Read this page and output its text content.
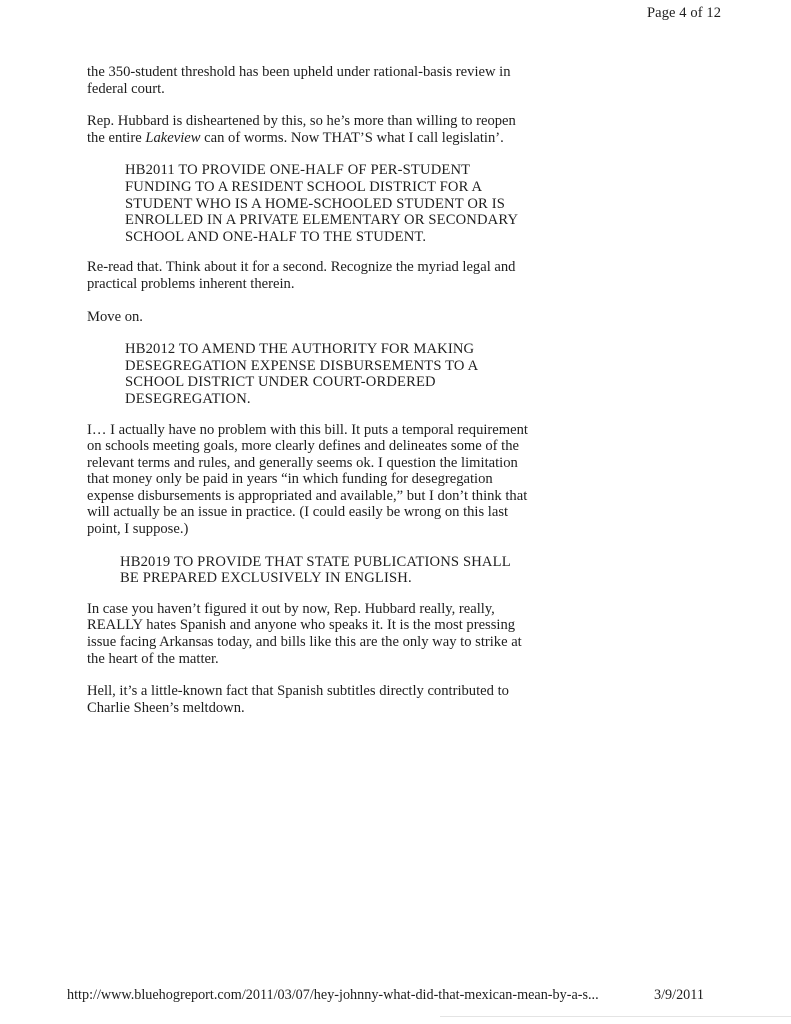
Page 4 of 12

the 350-student threshold has been upheld under rational-basis review in federal court.

Rep. Hubbard is disheartened by this, so he’s more than willing to reopen the entire Lakeview can of worms. Now THAT’S what I call legislatin’.

HB2011 TO PROVIDE ONE-HALF OF PER-STUDENT FUNDING TO A RESIDENT SCHOOL DISTRICT FOR A STUDENT WHO IS A HOME-SCHOOLED STUDENT OR IS ENROLLED IN A PRIVATE ELEMENTARY OR SECONDARY SCHOOL AND ONE-HALF TO THE STUDENT.

Re-read that. Think about it for a second. Recognize the myriad legal and practical problems inherent therein.

Move on.

HB2012 TO AMEND THE AUTHORITY FOR MAKING DESEGREGATION EXPENSE DISBURSEMENTS TO A SCHOOL DISTRICT UNDER COURT-ORDERED DESEGREGATION.

I… I actually have no problem with this bill. It puts a temporal requirement on schools meeting goals, more clearly defines and delineates some of the relevant terms and rules, and generally seems ok. I question the limitation that money only be paid in years “in which funding for desegregation expense disbursements is appropriated and available,” but I don’t think that will actually be an issue in practice. (I could easily be wrong on this last point, I suppose.)

HB2019 TO PROVIDE THAT STATE PUBLICATIONS SHALL BE PREPARED EXCLUSIVELY IN ENGLISH.

In case you haven’t figured it out by now, Rep. Hubbard really, really, REALLY hates Spanish and anyone who speaks it. It is the most pressing issue facing Arkansas today, and bills like this are the only way to strike at the heart of the matter.

Hell, it’s a little-known fact that Spanish subtitles directly contributed to Charlie Sheen’s meltdown.

http://www.bluehogreport.com/2011/03/07/hey-johnny-what-did-that-mexican-mean-by-a-s...	3/9/2011
